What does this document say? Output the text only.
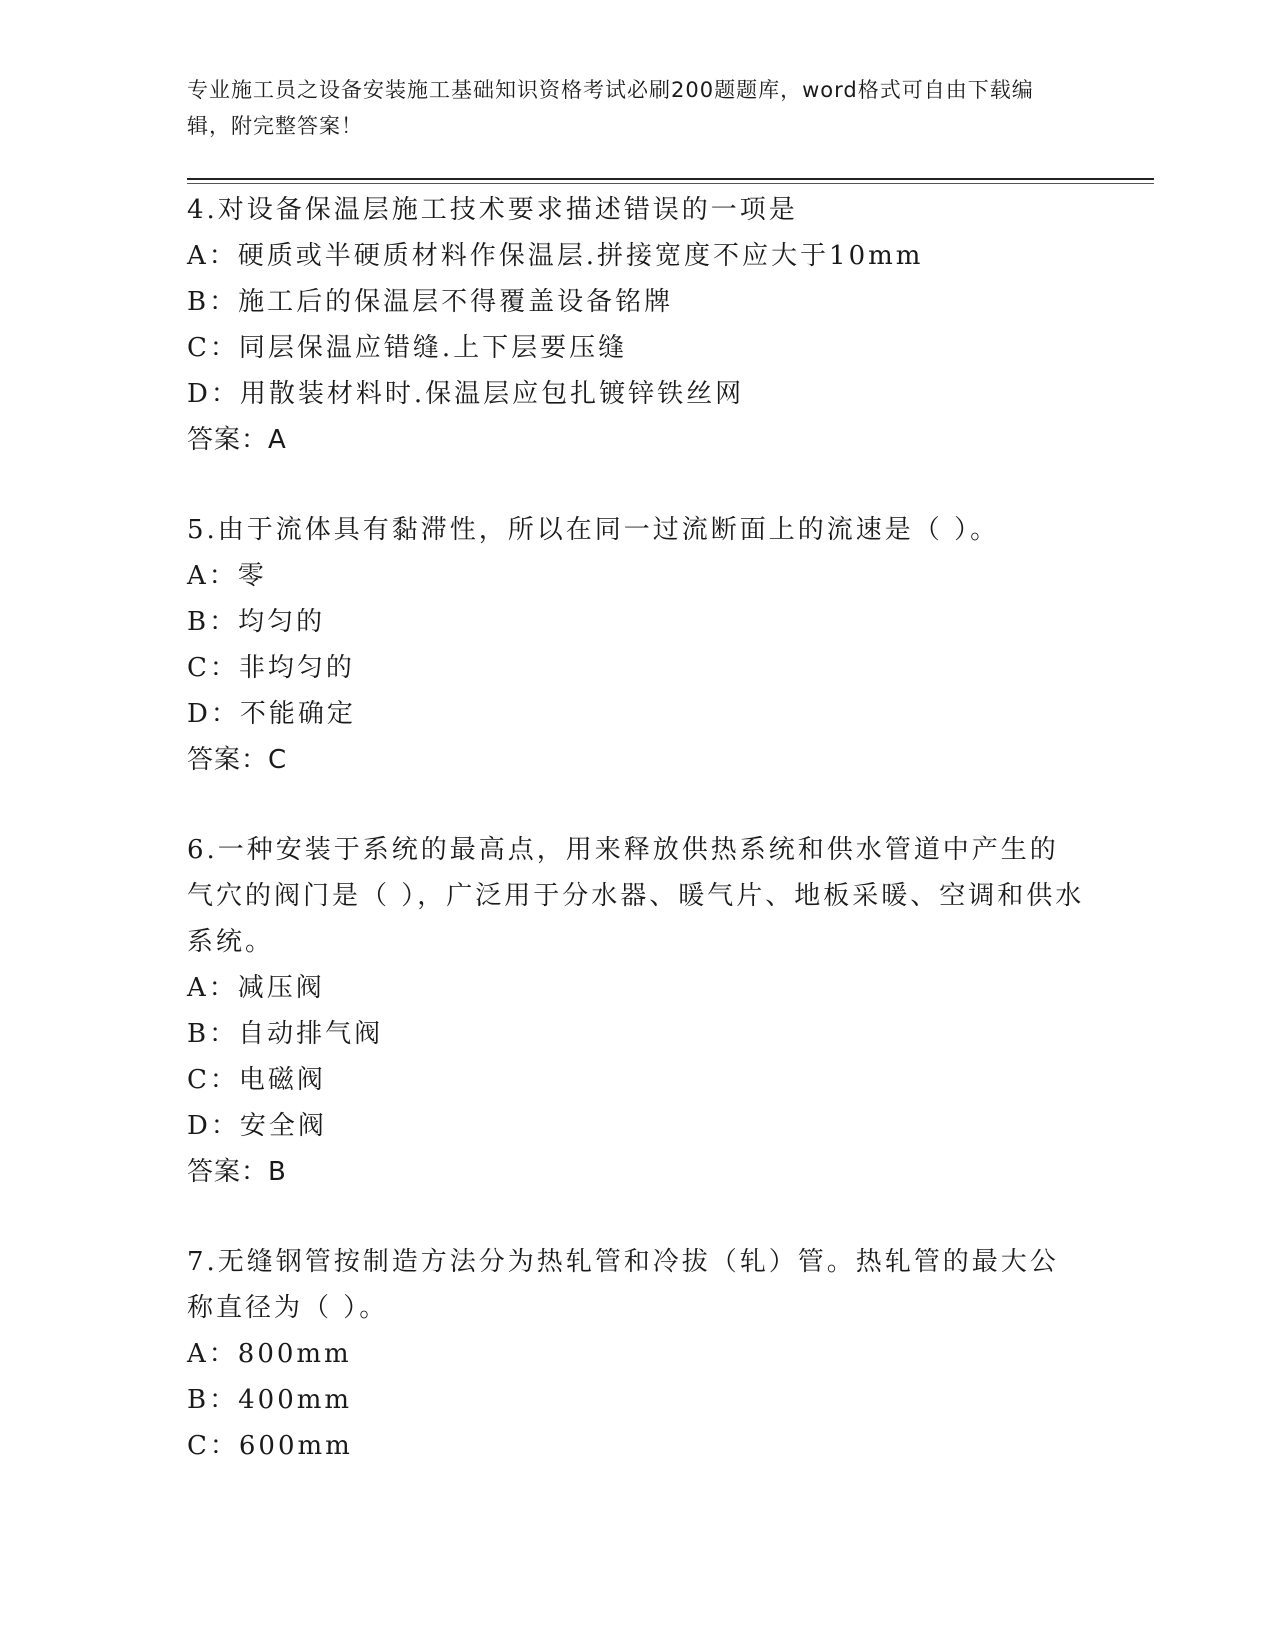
专业施工员之设备安装施工基础知识资格考试必刷200题题库，word格式可自由下载编辑，附完整答案！

4.对设备保温层施工技术要求描述错误的一项是

A：硬质或半硬质材料作保温层.拼接宽度不应大于10mm

B：施工后的保温层不得覆盖设备铭牌

C：同层保温应错缝.上下层要压缝

D：用散装材料时.保温层应包扎镀锌铁丝网

答案：A

5.由于流体具有黏滞性，所以在同一过流断面上的流速是（ ）。

A：零

B：均匀的

C：非均匀的

D：不能确定

答案：C

6.一种安装于系统的最高点，用来释放供热系统和供水管道中产生的气穴的阀门是（ ），广泛用于分水器、暖气片、地板采暖、空调和供水系统。

A：减压阀

B：自动排气阀

C：电磁阀

D：安全阀

答案：B

7.无缝钢管按制造方法分为热轧管和冷拔（轧）管。热轧管的最大公称直径为（ ）。

A：800mm

B：400mm

C：600mm
